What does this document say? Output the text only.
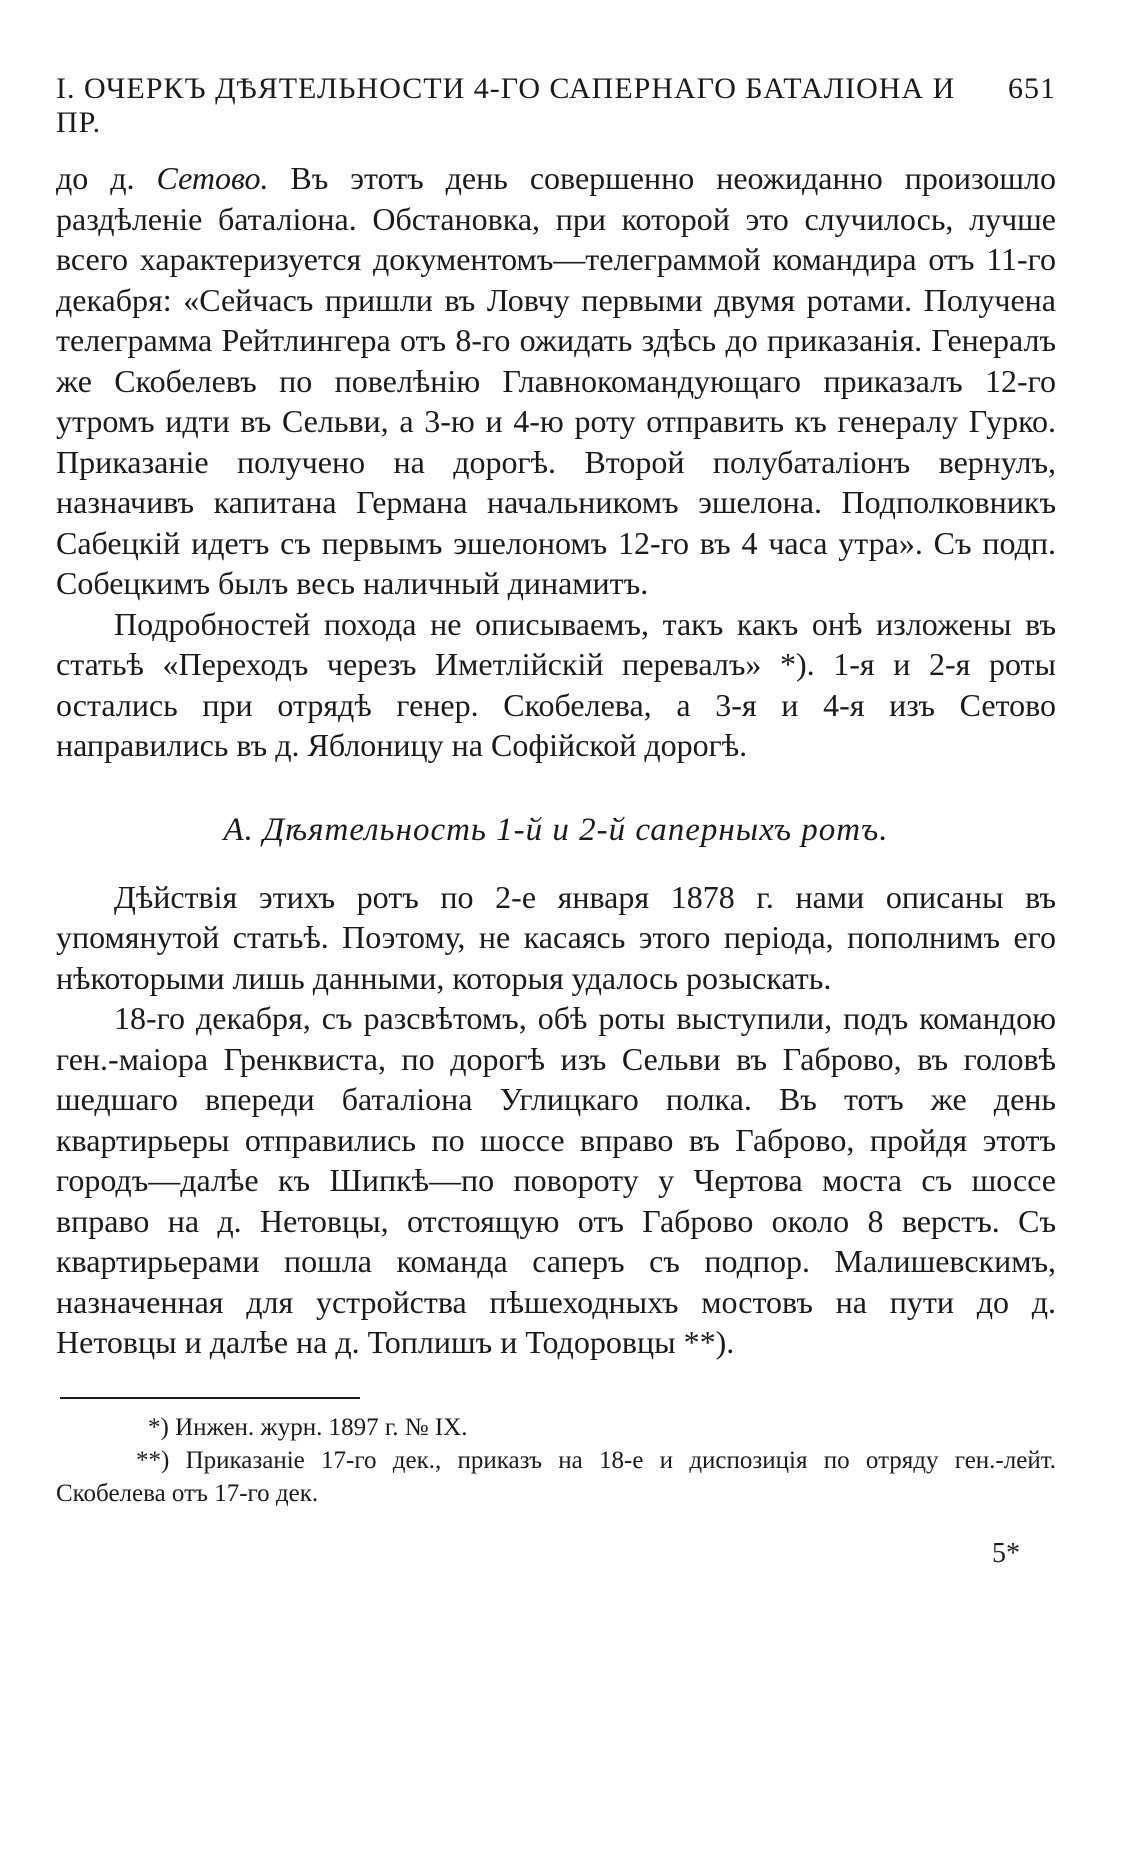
I. ОЧЕРКЪ ДѢЯТЕЛЬНОСТИ 4-ГО САПЕРНАГО БАТАЛІОНА И ПР.
651

до д. Сетово. Въ этотъ день совершенно неожиданно произошло раздѣленіе баталіона. Обстановка, при которой это случилось, лучше всего характеризуется документомъ—телеграммой командира отъ 11-го декабря: «Сейчасъ пришли въ Ловчу первыми двумя ротами. Получена телеграмма Рейтлингера отъ 8-го ожидать здѣсь до приказанія. Генералъ же Скобелевъ по повелѣнію Главнокомандующаго приказалъ 12-го утромъ идти въ Сельви, а 3-ю и 4-ю роту отправить къ генералу Гурко. Приказаніе получено на дорогѣ. Второй полубаталіонъ вернулъ, назначивъ капитана Германа начальникомъ эшелона. Подполковникъ Сабецкій идетъ съ первымъ эшелономъ 12-го въ 4 часа утра». Съ подп. Собецкимъ былъ весь наличный динамитъ.

Подробностей похода не описываемъ, такъ какъ онѣ изложены въ статьѣ «Переходъ черезъ Иметлійскій перевалъ» *). 1-я и 2-я роты остались при отрядѣ генер. Скобелева, а 3-я и 4-я изъ Сетово направились въ д. Яблоницу на Софійской дорогѣ.

А. Дѣятельность 1-й и 2-й саперныхъ ротъ.

Дѣйствія этихъ ротъ по 2-е января 1878 г. нами описаны въ упомянутой статьѣ. Поэтому, не касаясь этого періода, пополнимъ его нѣкоторыми лишь данными, которыя удалось розыскать.

18-го декабря, съ разсвѣтомъ, обѣ роты выступили, подъ командою ген.-маіора Гренквиста, по дорогѣ изъ Сельви въ Габрово, въ головѣ шедшаго впереди баталіона Углицкаго полка. Въ тотъ же день квартирьеры отправились по шоссе вправо въ Габрово, пройдя этотъ городъ—далѣе къ Шипкѣ—по повороту у Чертова моста съ шоссе вправо на д. Нетовцы, отстоящую отъ Габрово около 8 верстъ. Съ квартирьерами пошла команда саперъ съ подпор. Малишевскимъ, назначенная для устройства пѣшеходныхъ мостовъ на пути до д. Нетовцы и далѣе на д. Топлишъ и Тодоровцы **).

*) Инжен. журн. 1897 г. № IX.

**) Приказаніе 17-го дек., приказъ на 18-е и диспозиція по отряду ген.-лейт. Скобелева отъ 17-го дек.

5*
